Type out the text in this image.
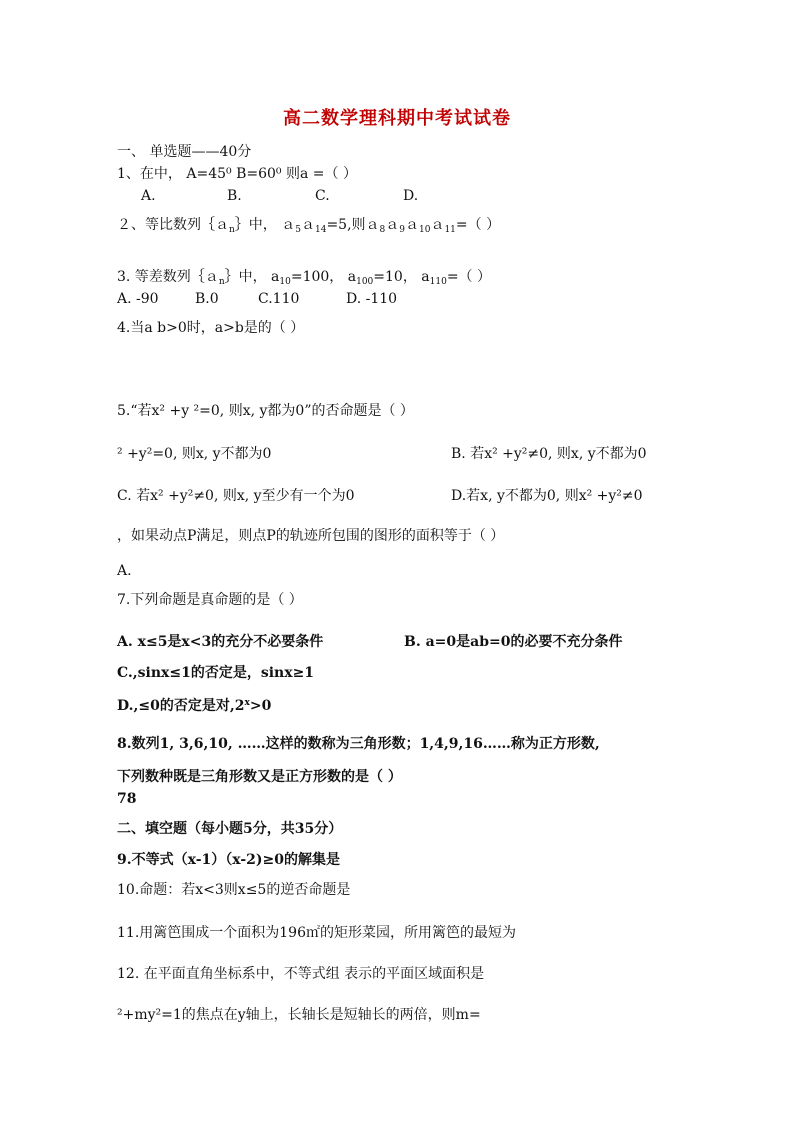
高二数学理科期中考试试卷
一、 单选题——40分
1、在中， A=45⁰ B=60⁰ 则a =（ ）
A.	B.	C.	D.
２、等比数列｛ａ$_n$｝中， ａ$_5$ａ$_{14}$=5,则ａ$_8$ａ$_9$ａ$_{10}$ａ$_{11}$=（ ）
3. 等差数列｛ａ$_n$｝中， $a_{10}=100$， $a_{100}=10$， $a_{110}=$（ ）
A. -90	B.0	C.110	D. -110
4.当a b>0时，a>b是的（ ）
5.“若x² +y ²=0, 则x, y都为0”的否命题是（ ）
² +y²=0, 则x, y不都为0	B. 若x² +y²≠0, 则x, y不都为0
C. 若x² +y²≠0, 则x, y至少有一个为0	D.若x, y不都为0, 则x² +y²≠0
，如果动点P满足，则点P的轨迹所包围的图形的面积等于（ ）
A.
7.下列命题是真命题的是（ ）
A. x≤5是x<3的充分不必要条件	B. a=0是ab=0的必要不充分条件
C.,sinx≤1的否定是，sinx≥1
D.,≤0的否定是对$,2^x>0$
8.数列1, 3,6,10, ……这样的数称为三角形数；1,4,9,16……称为正方形数,
下列数种既是三角形数又是正方形数的是（ ）
78
二、填空题（每小题5分，共35分）
9.不等式（x-1）（x-2)≥0的解集是
10.命题：若x<3则x≤5的逆否命题是
11.用篱笆围成一个面积为196㎡的矩形菜园，所用篱笆的最短为
12. 在平面直角坐标系中，不等式组 表示的平面区域面积是
²+my²=1的焦点在y轴上，长轴长是短轴长的两倍，则m=
